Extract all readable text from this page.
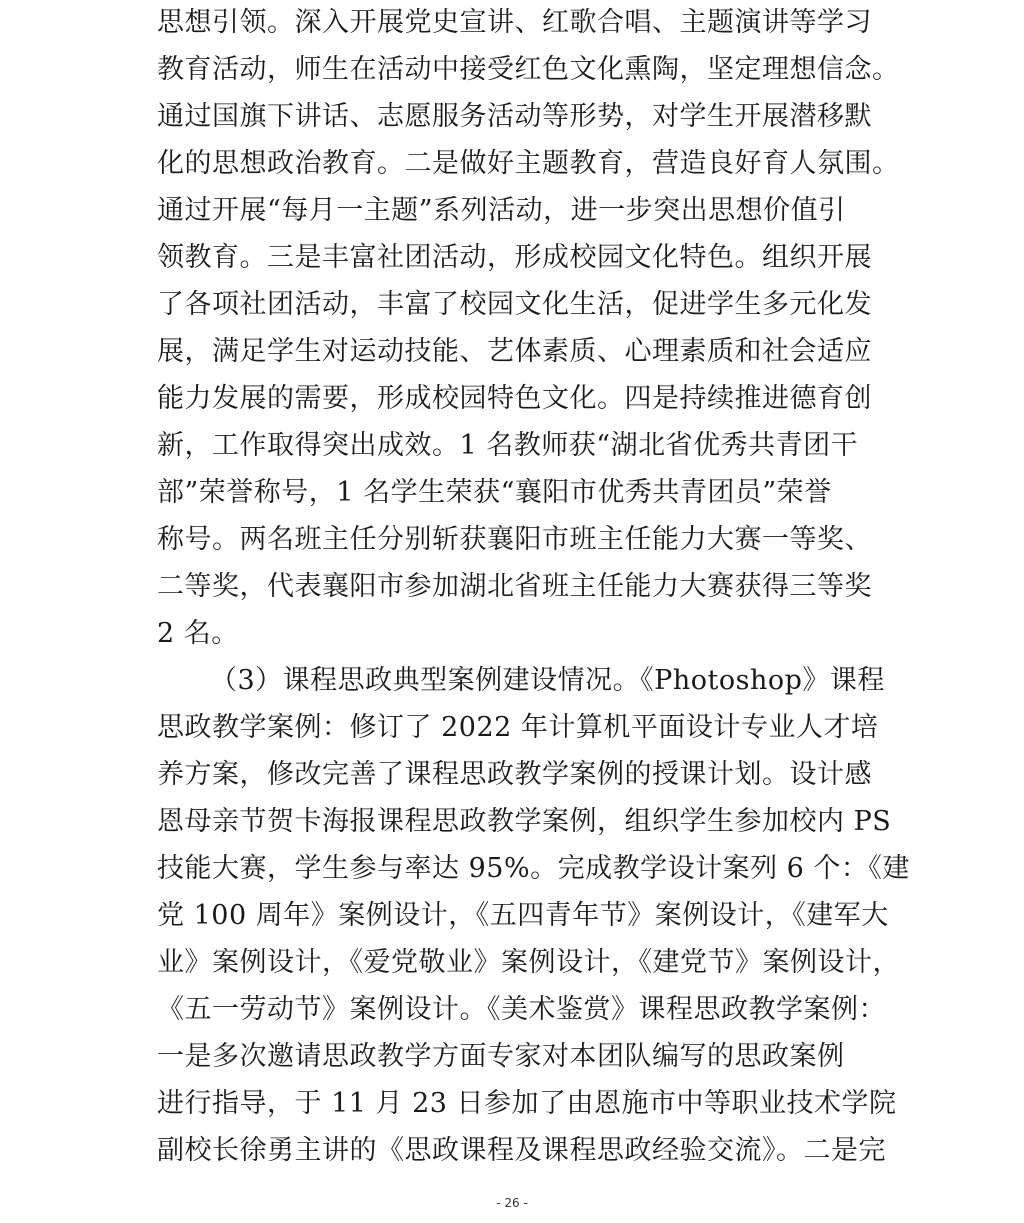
思想引领。深入开展党史宣讲、红歌合唱、主题演讲等学习
教育活动，师生在活动中接受红色文化熏陶，坚定理想信念。
通过国旗下讲话、志愿服务活动等形势，对学生开展潜移默
化的思想政治教育。二是做好主题教育，营造良好育人氛围。
通过开展“每月一主题”系列活动，进一步突出思想价值引
领教育。三是丰富社团活动，形成校园文化特色。组织开展
了各项社团活动，丰富了校园文化生活，促进学生多元化发
展，满足学生对运动技能、艺体素质、心理素质和社会适应
能力发展的需要，形成校园特色文化。四是持续推进德育创
新，工作取得突出成效。1 名教师获“湖北省优秀共青团干
部”荣誉称号，1 名学生荣获“襄阳市优秀共青团员”荣誉
称号。两名班主任分别斩获襄阳市班主任能力大赛一等奖、
二等奖，代表襄阳市参加湖北省班主任能力大赛获得三等奖
2 名。
（3）课程思政典型案例建设情况。《Photoshop》课程
思政教学案例：修订了 2022 年计算机平面设计专业人才培
养方案，修改完善了课程思政教学案例的授课计划。设计感
恩母亲节贺卡海报课程思政教学案例，组织学生参加校内 PS
技能大赛，学生参与率达 95%。完成教学设计案列 6 个：《建
党 100 周年》案例设计，《五四青年节》案例设计，《建军大
业》案例设计，《爱党敬业》案例设计，《建党节》案例设计，
《五一劳动节》案例设计。《美术鉴赏》课程思政教学案例：
一是多次邀请思政教学方面专家对本团队编写的思政案例
进行指导，于 11 月 23 日参加了由恩施市中等职业技术学院
副校长徐勇主讲的《思政课程及课程思政经验交流》。二是完
- 26 -
